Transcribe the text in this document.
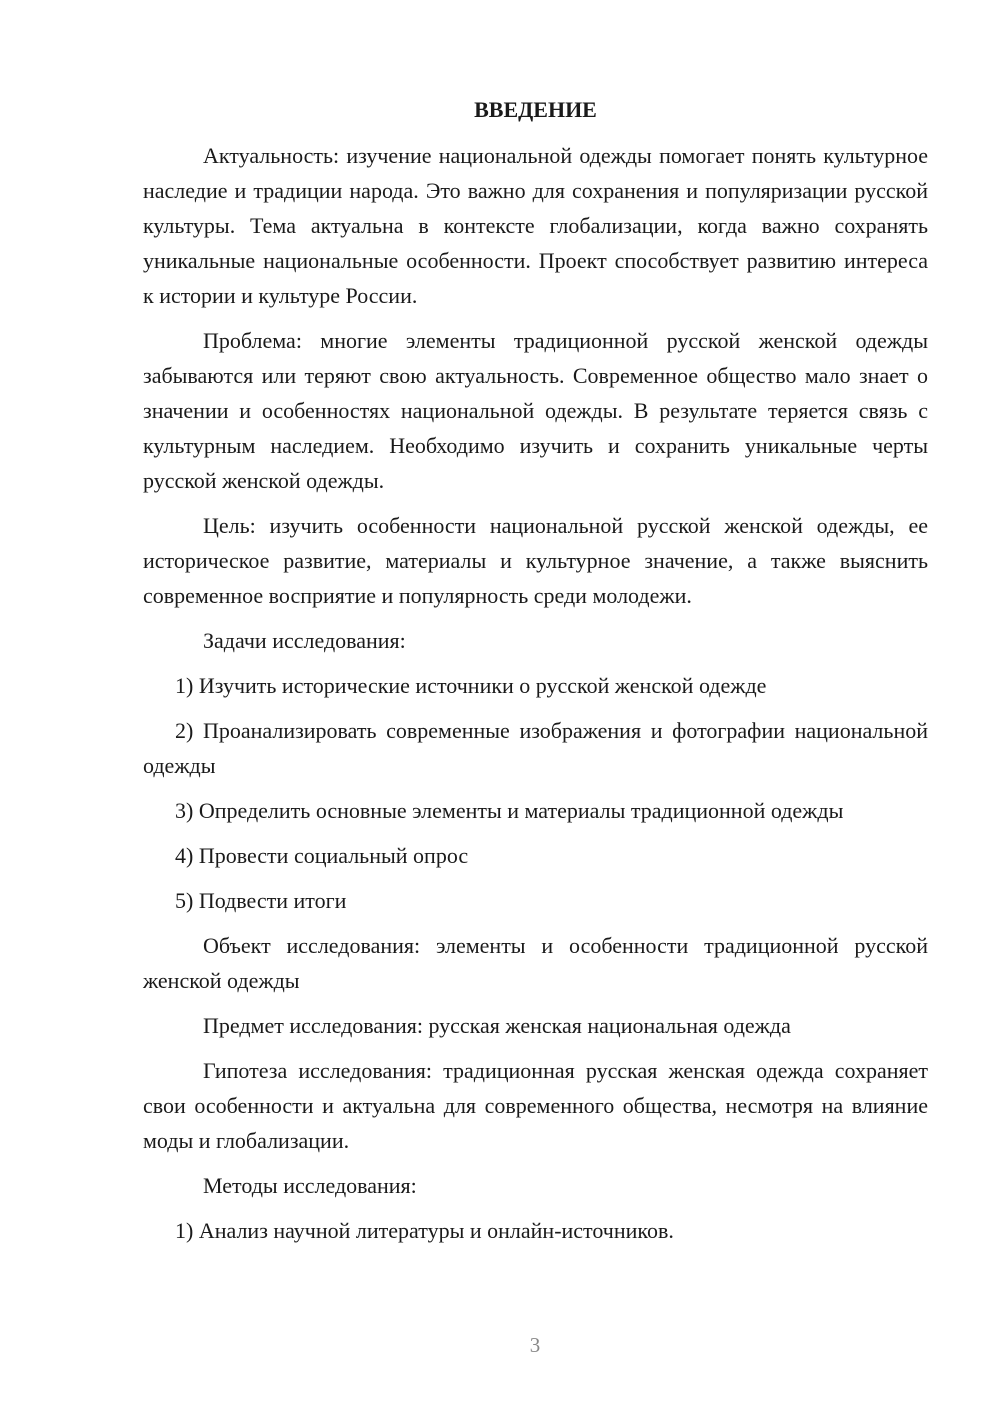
ВВЕДЕНИЕ

Актуальность: изучение национальной одежды помогает понять культурное наследие и традиции народа. Это важно для сохранения и популяризации русской культуры. Тема актуальна в контексте глобализации, когда важно сохранять уникальные национальные особенности. Проект способствует развитию интереса к истории и культуре России.

Проблема: многие элементы традиционной русской женской одежды забываются или теряют свою актуальность. Современное общество мало знает о значении и особенностях национальной одежды. В результате теряется связь с культурным наследием. Необходимо изучить и сохранить уникальные черты русской женской одежды.

Цель: изучить особенности национальной русской женской одежды, ее историческое развитие, материалы и культурное значение, а также выяснить современное восприятие и популярность среди молодежи.

Задачи исследования:

1) Изучить исторические источники о русской женской одежде

2) Проанализировать современные изображения и фотографии национальной одежды

3) Определить основные элементы и материалы традиционной одежды

4) Провести социальный опрос

5) Подвести итоги

Объект исследования: элементы и особенности традиционной русской женской одежды

Предмет исследования: русская женская национальная одежда

Гипотеза исследования: традиционная русская женская одежда сохраняет свои особенности и актуальна для современного общества, несмотря на влияние моды и глобализации.

Методы исследования:

1) Анализ научной литературы и онлайн-источников.

3
